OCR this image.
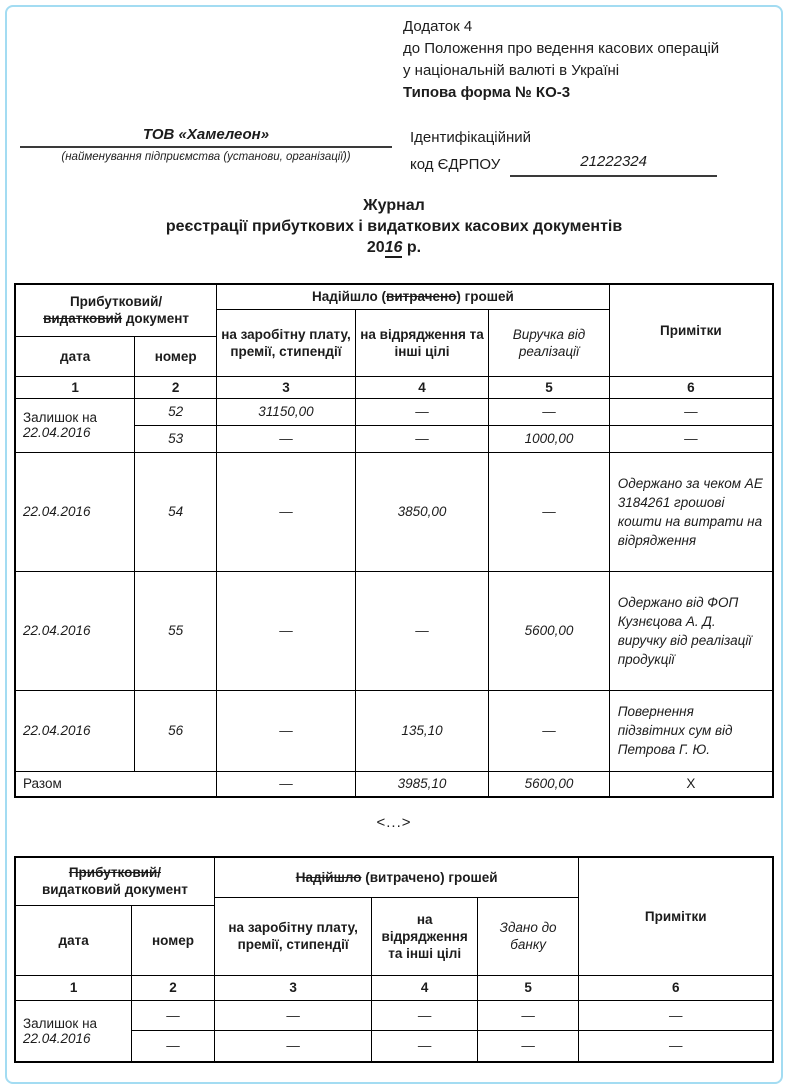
Додаток 4
до Положення про ведення касових операцій
у національній валюті в Україні
Типова форма № КО-3
ТОВ «Хамелеон»
(найменування підприємства (установи, організації))
Ідентифікаційний
код ЄДРПОУ	21222324
Журнал
реєстрації прибуткових і видаткових касових документів
2016 р.
Прибутковий/
видатковий документ		Надійшло (витрачено) грошей			Примітки
		на заробітну плату, премії, стипендії	на відрядження та інші цілі	Виручка від реалізації	
дата	номер				
1	2	3	4	5	6
Залишок на
22.04.2016	52	31150,00	—	—	—
	53	—	—	1000,00	—
22.04.2016	54	—	3850,00	—	Одержано за чеком АЕ 3184261 грошові кошти на витрати на відрядження
22.04.2016	55	—	—	5600,00	Одержано від ФОП Кузнєцова А. Д. виручку від реалізації продукції
22.04.2016	56	—	135,10	—	Повернення підзвітних сум від Петрова Г. Ю.
Разом		—	3985,10	5600,00	Х
<...>
Прибутковий/
видатковий документ		Надійшло (витрачено) грошей			Примітки
		на заробітну плату, премії, стипендії	на відрядження та інші цілі	Здано до банку	
дата	номер				
1	2	3	4	5	6
Залишок на
22.04.2016	—	—	—	—	—
	—	—	—	—	—
